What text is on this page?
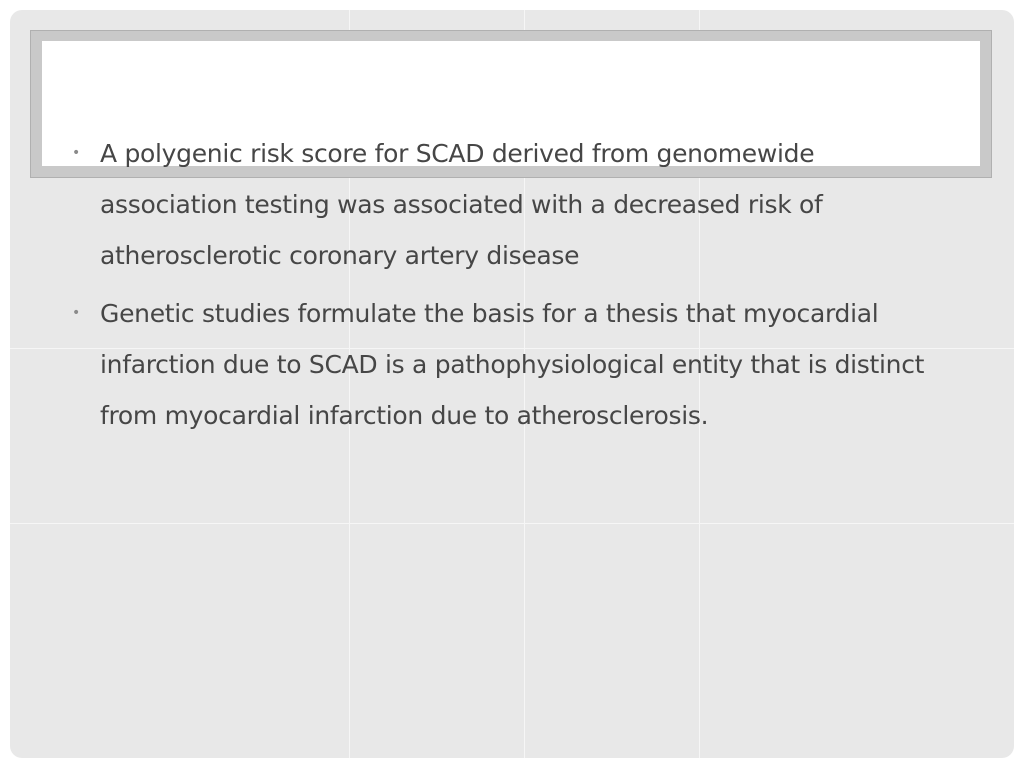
• A polygenic risk score for SCAD derived from genomewide association testing was associated with a decreased risk of atherosclerotic coronary artery disease
• Genetic studies formulate the basis for a thesis that myocardial infarction due to SCAD is a pathophysiological entity that is distinct from myocardial infarction due to atherosclerosis.
